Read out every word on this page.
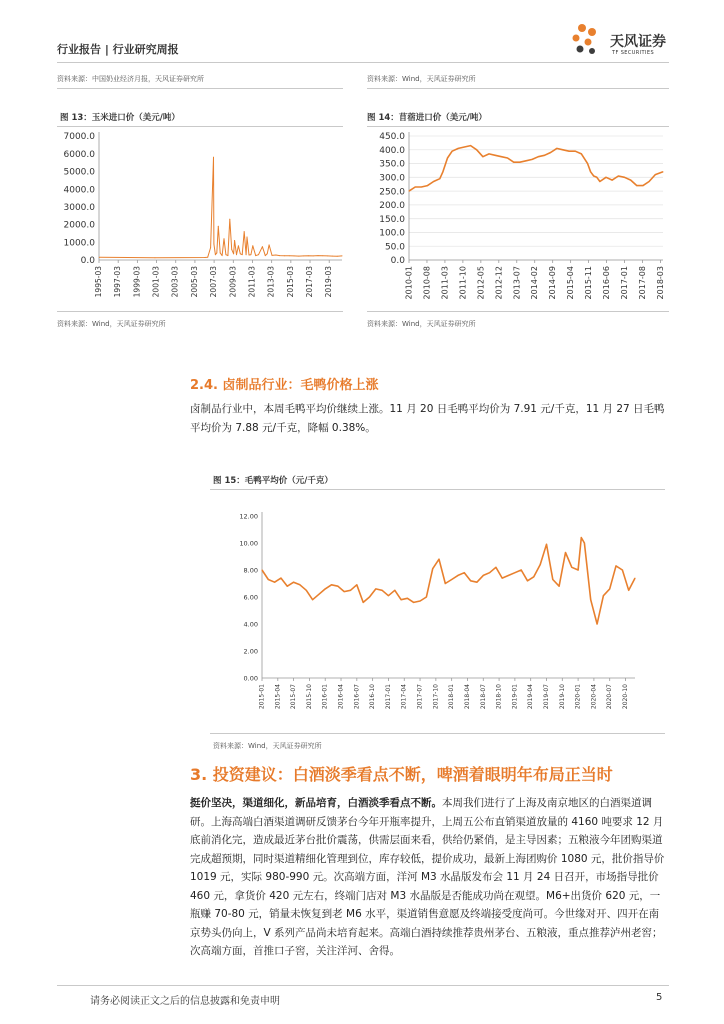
行业报告 | 行业研究周报	天风证券
TF SECURITIES
资料来源：中国奶业经济月报，天风证券研究所	资料来源：Wind，天风证券研究所
图 13：玉米进口价（美元/吨）
0.0
1000.0
2000.0
3000.0
4000.0
5000.0
6000.0
7000.0
1995-03 1997-03 1999-03 2001-03 2003-03 2005-03 2007-03 2009-03 2011-03 2013-03 2015-03 2017-03 2019-03
资料来源：Wind，天风证券研究所
图 14：苜蓿进口价（美元/吨）
0.0
50.0
100.0
150.0
200.0
250.0
300.0
350.0
400.0
450.0
2010-01 2010-08 2011-03 2011-10 2012-05 2012-12 2013-07 2014-02 2014-09 2015-04 2015-11 2016-06 2017-01 2017-08 2018-03
资料来源：Wind，天风证券研究所
2.4. 卤制品行业：毛鸭价格上涨
卤制品行业中，本周毛鸭平均价继续上涨。11 月 20 日毛鸭平均价为 7.91 元/千克，11 月 27 日毛鸭平均价为 7.88 元/千克，降幅 0.38%。
图 15：毛鸭平均价（元/千克）
0.00
2.00
4.00
6.00
8.00
10.00
12.00
2015-01 2015-04 2015-07 2015-10 2016-01 2016-04 2016-07 2016-10 2017-01 2017-04 2017-07 2017-10 2018-01 2018-04 2018-07 2018-10 2019-01 2019-04 2019-07 2019-10 2020-01 2020-04 2020-07 2020-10
资料来源：Wind，天风证券研究所
3. 投资建议：白酒淡季看点不断，啤酒着眼明年布局正当时
挺价坚决，渠道细化，新品培育，白酒淡季看点不断。本周我们进行了上海及南京地区的白酒渠道调研。上海高端白酒渠道调研反馈茅台今年开瓶率提升，上周五公布直销渠道放量的 4160 吨要求 12 月底前消化完，造成最近茅台批价震荡，供需层面来看，供给仍紧俏，是主导因素；五粮液今年团购渠道完成超预期，同时渠道精细化管理到位，库存较低，提价成功，最新上海团购价 1080 元，批价指导价 1019 元，实际 980-990 元。次高端方面，洋河 M3 水晶版发布会 11 月 24 日召开，市场指导批价 460 元，拿货价 420 元左右，终端门店对 M3 水晶版是否能成功尚在观望。M6+出货价 620 元，一瓶赚 70-80 元，销量未恢复到老 M6 水平，渠道销售意愿及终端接受度尚可。今世缘对开、四开在南京势头仍向上，V 系列产品尚未培育起来。高端白酒持续推荐贵州茅台、五粮液，重点推荐泸州老窖；次高端方面，首推口子窖，关注洋河、舍得。
请务必阅读正文之后的信息披露和免责申明	5
